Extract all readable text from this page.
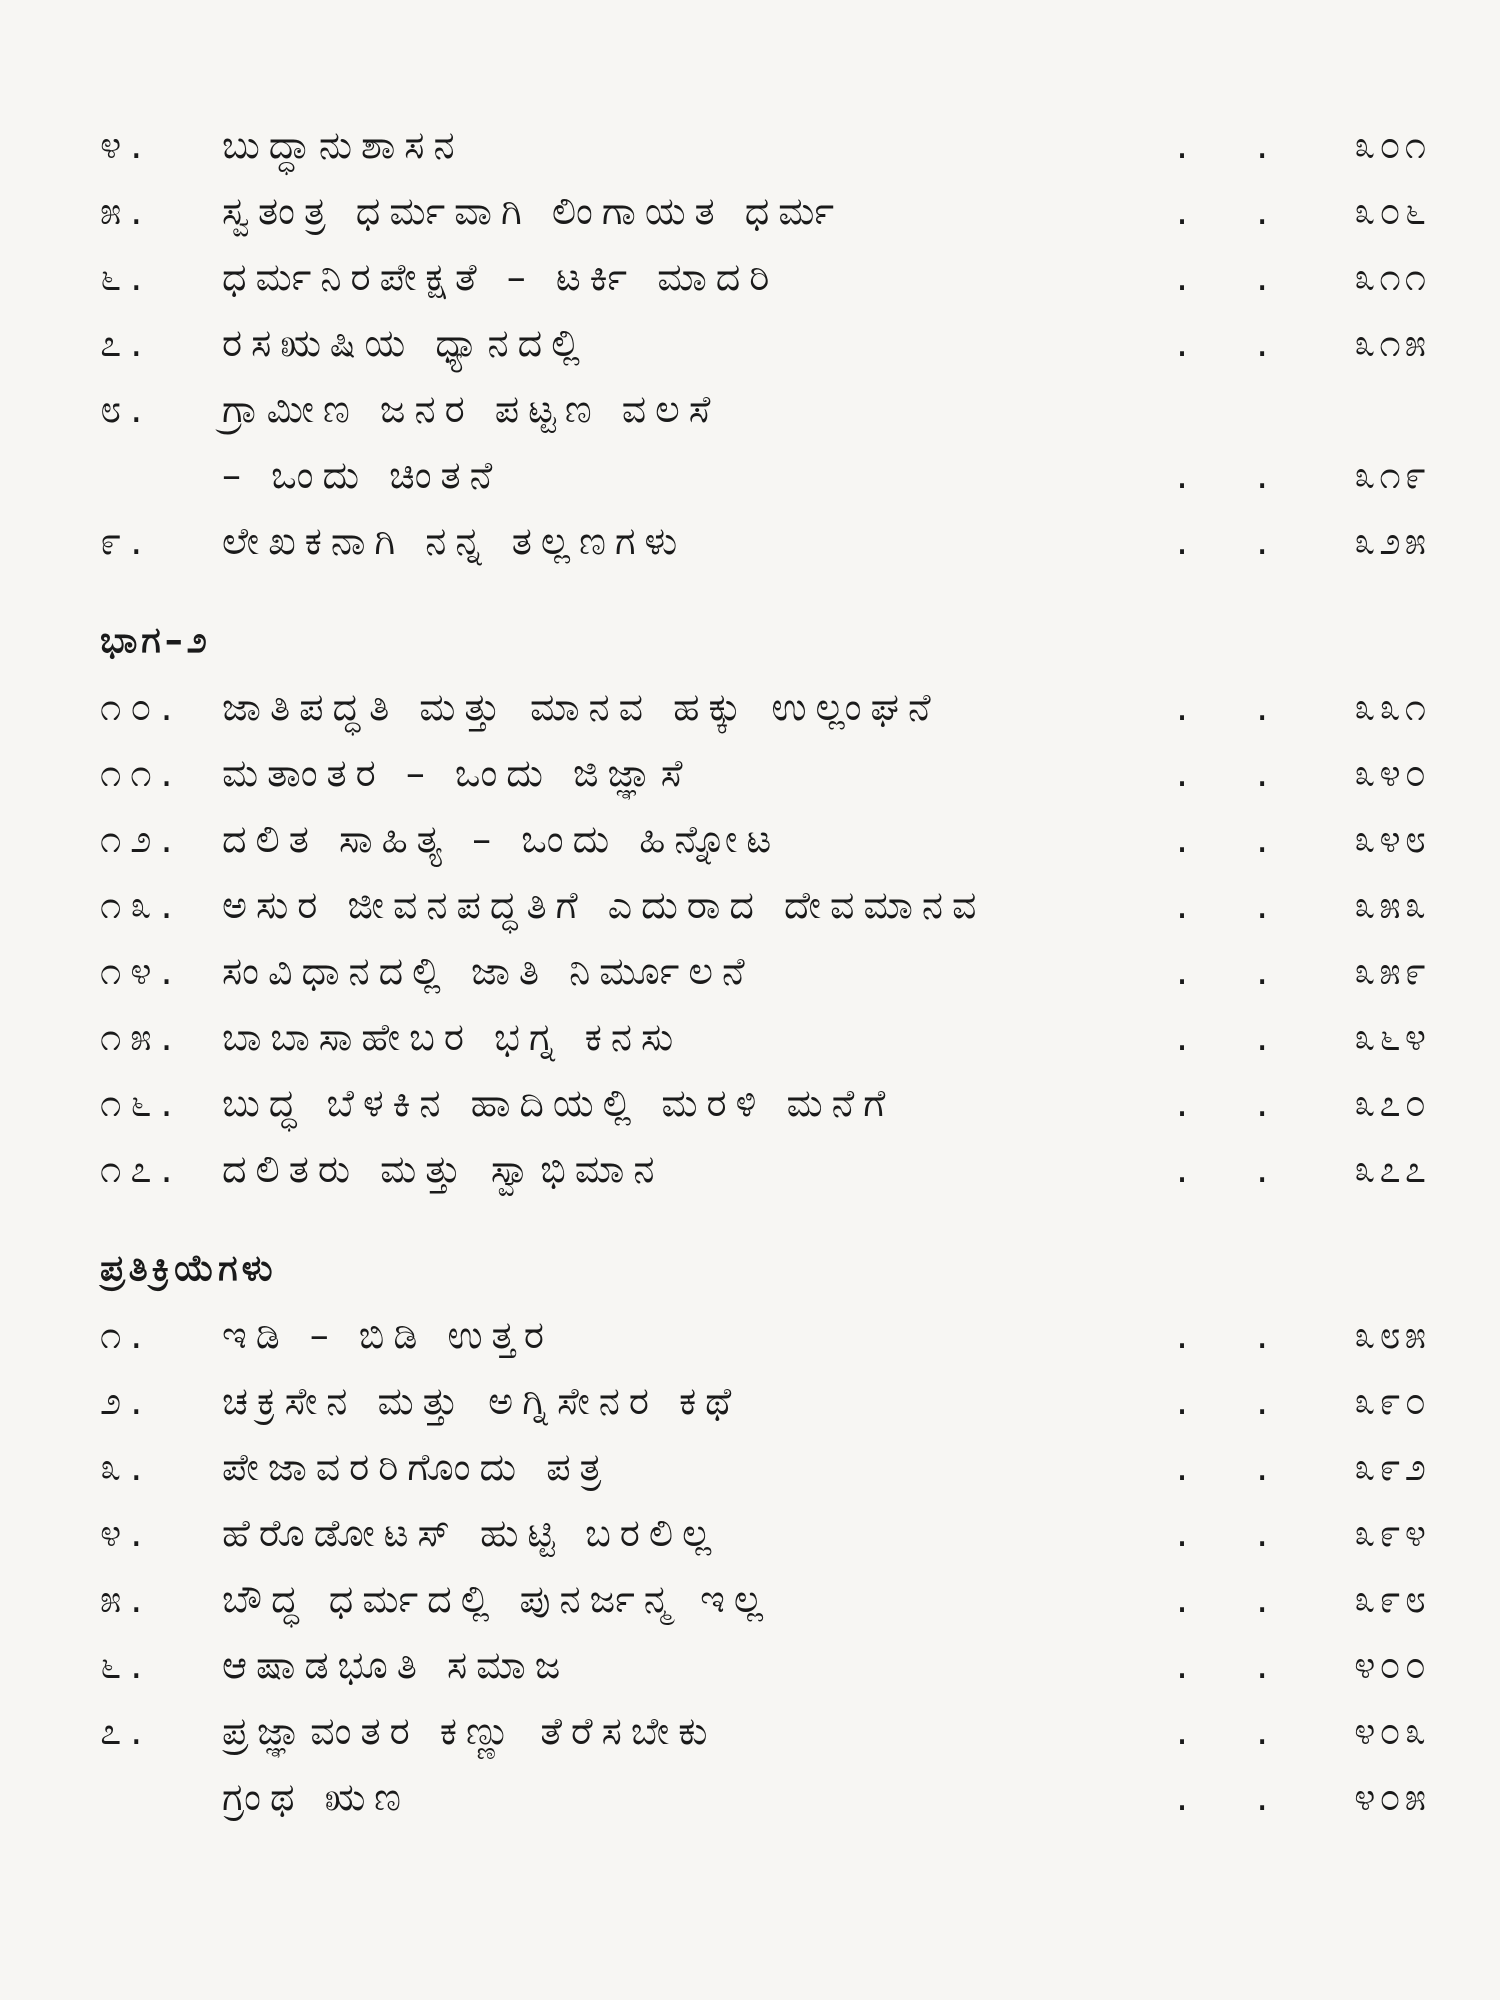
೪. ಬುದ್ಧಾನುಶಾಸನ	. . ೩೦೧
೫. ಸ್ವತಂತ್ರ ಧರ್ಮವಾಗಿ ಲಿಂಗಾಯತ ಧರ್ಮ	. . ೩೦೬
೬. ಧರ್ಮನಿರಪೇಕ್ಷತೆ – ಟರ್ಕಿ ಮಾದರಿ	. . ೩೧೧
೭. ರಸಋಷಿಯ ಧ್ಯಾನದಲ್ಲಿ	. . ೩೧೫
೮. ಗ್ರಾಮೀಣ ಜನರ ಪಟ್ಟಣ ವಲಸೆ
– ಒಂದು ಚಿಂತನೆ	. . ೩೧೯
೯. ಲೇಖಕನಾಗಿ ನನ್ನ ತಲ್ಲಣಗಳು	. . ೩೨೫
ಭಾಗ–೨
೧೦. ಜಾತಿಪದ್ಧತಿ ಮತ್ತು ಮಾನವ ಹಕ್ಕು ಉಲ್ಲಂಘನೆ	. . ೩೩೧
೧೧. ಮತಾಂತರ – ಒಂದು ಜಿಜ್ಞಾಸೆ	. . ೩೪೦
೧೨. ದಲಿತ ಸಾಹಿತ್ಯ – ಒಂದು ಹಿನ್ನೋಟ	. . ೩೪೮
೧೩. ಅಸುರ ಜೀವನಪದ್ಧತಿಗೆ ಎದುರಾದ ದೇವಮಾನವ	. . ೩೫೩
೧೪. ಸಂವಿಧಾನದಲ್ಲಿ ಜಾತಿ ನಿರ್ಮೂಲನೆ	. . ೩೫೯
೧೫. ಬಾಬಾಸಾಹೇಬರ ಭಗ್ನ ಕನಸು	. . ೩೬೪
೧೬. ಬುದ್ಧ ಬೆಳಕಿನ ಹಾದಿಯಲ್ಲಿ ಮರಳಿ ಮನೆಗೆ	. . ೩೭೦
೧೭. ದಲಿತರು ಮತ್ತು ಸ್ವಾಭಿಮಾನ	. . ೩೭೭
ಪ್ರತಿಕ್ರಿಯೆಗಳು
೧. ಇಡಿ – ಬಿಡಿ ಉತ್ತರ	. . ೩೮೫
೨. ಚಕ್ರಸೇನ ಮತ್ತು ಅಗ್ನಿಸೇನರ ಕಥೆ	. . ೩೯೦
೩. ಪೇಜಾವರರಿಗೊಂದು ಪತ್ರ	. . ೩೯೨
೪. ಹೆರೊಡೋಟಸ್ ಹುಟ್ಟಿ ಬರಲಿಲ್ಲ	. . ೩೯೪
೫. ಬೌದ್ಧ ಧರ್ಮದಲ್ಲಿ ಪುನರ್ಜನ್ಮ ಇಲ್ಲ	. . ೩೯೮
೬. ಆಷಾಡಭೂತಿ ಸಮಾಜ	. . ೪೦೦
೭. ಪ್ರಜ್ಞಾವಂತರ ಕಣ್ಣು ತೆರೆಸಬೇಕು	. . ೪೦೩
ಗ್ರಂಥ ಋಣ	. . ೪೦೫
